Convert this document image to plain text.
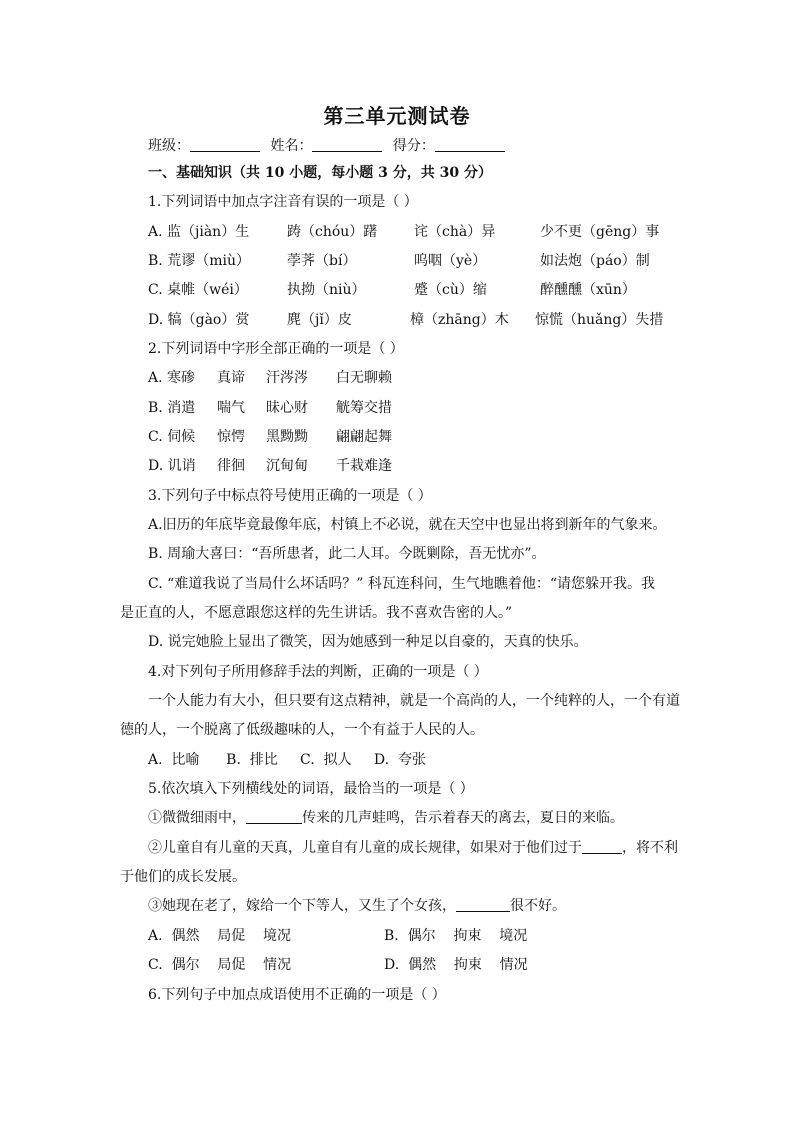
第三单元测试卷
班级：	姓名：	得分：
一、基础知识（共 10 小题，每小题 3 分，共 30 分）
1.下列词语中加点字注音有误的一项是（ ）
A. 监（jiàn）生	踌（chóu）躇	诧（chà）异	少不更（gēng）事
B. 荒谬（miù）	荸荠（bí）	呜咽（yè）	如法炮（páo）制
C. 桌帷（wéi）	执拗（niù）	蹙（cù）缩	醉醺醺（xūn）
D. 犒（gào）赏	麂（jǐ）皮	樟（zhāng）木 惊慌（huǎng）失措
2.下列词语中字形全部正确的一项是（ ）
A. 寒碜 真谛 汗涔涔 白无聊赖
B. 消遣 喘气 昧心财 觥筹交措
C. 伺候 惊愕 黑黝黝 翩翩起舞
D. 讥诮 徘徊 沉甸甸 千栽难逢
3.下列句子中标点符号使用正确的一项是（ ）
A.旧历的年底毕竟最像年底，村镇上不必说，就在天空中也显出将到新年的气象来。
B. 周瑜大喜曰：“吾所患者，此二人耳。今既剿除，吾无忧亦”。
C. “难道我说了当局什么坏话吗？” 科瓦连科问，生气地瞧着他：“请您躲开我。我
是正直的人，不愿意跟您这样的先生讲话。我不喜欢告密的人。”
D. 说完她脸上显出了微笑，因为她感到一种足以自豪的，天真的快乐。
4.对下列句子所用修辞手法的判断，正确的一项是（ ）
一个人能力有大小，但只要有这点精神，就是一个高尚的人，一个纯粹的人，一个有道
德的人，一个脱离了低级趣味的人，一个有益于人民的人。
A.  比喻      B.  排比     C.  拟人     D.  夸张
5.依次填入下列横线处的词语，最恰当的一项是（ ）
①微微细雨中，	传来的几声蛙鸣，告示着春天的离去，夏日的来临。
②儿童自有儿童的天真，儿童自有儿童的成长规律，如果对于他们过于	，将不利
于他们的成长发展。
③她现在老了，嫁给一个下等人，又生了个女孩，	很不好。
A.  偶然    局促    境况	B.  偶尔    拘束    境况
C.  偶尔    局促    情况	D.  偶然    拘束    情况
6.下列句子中加点成语使用不正确的一项是（ ）
